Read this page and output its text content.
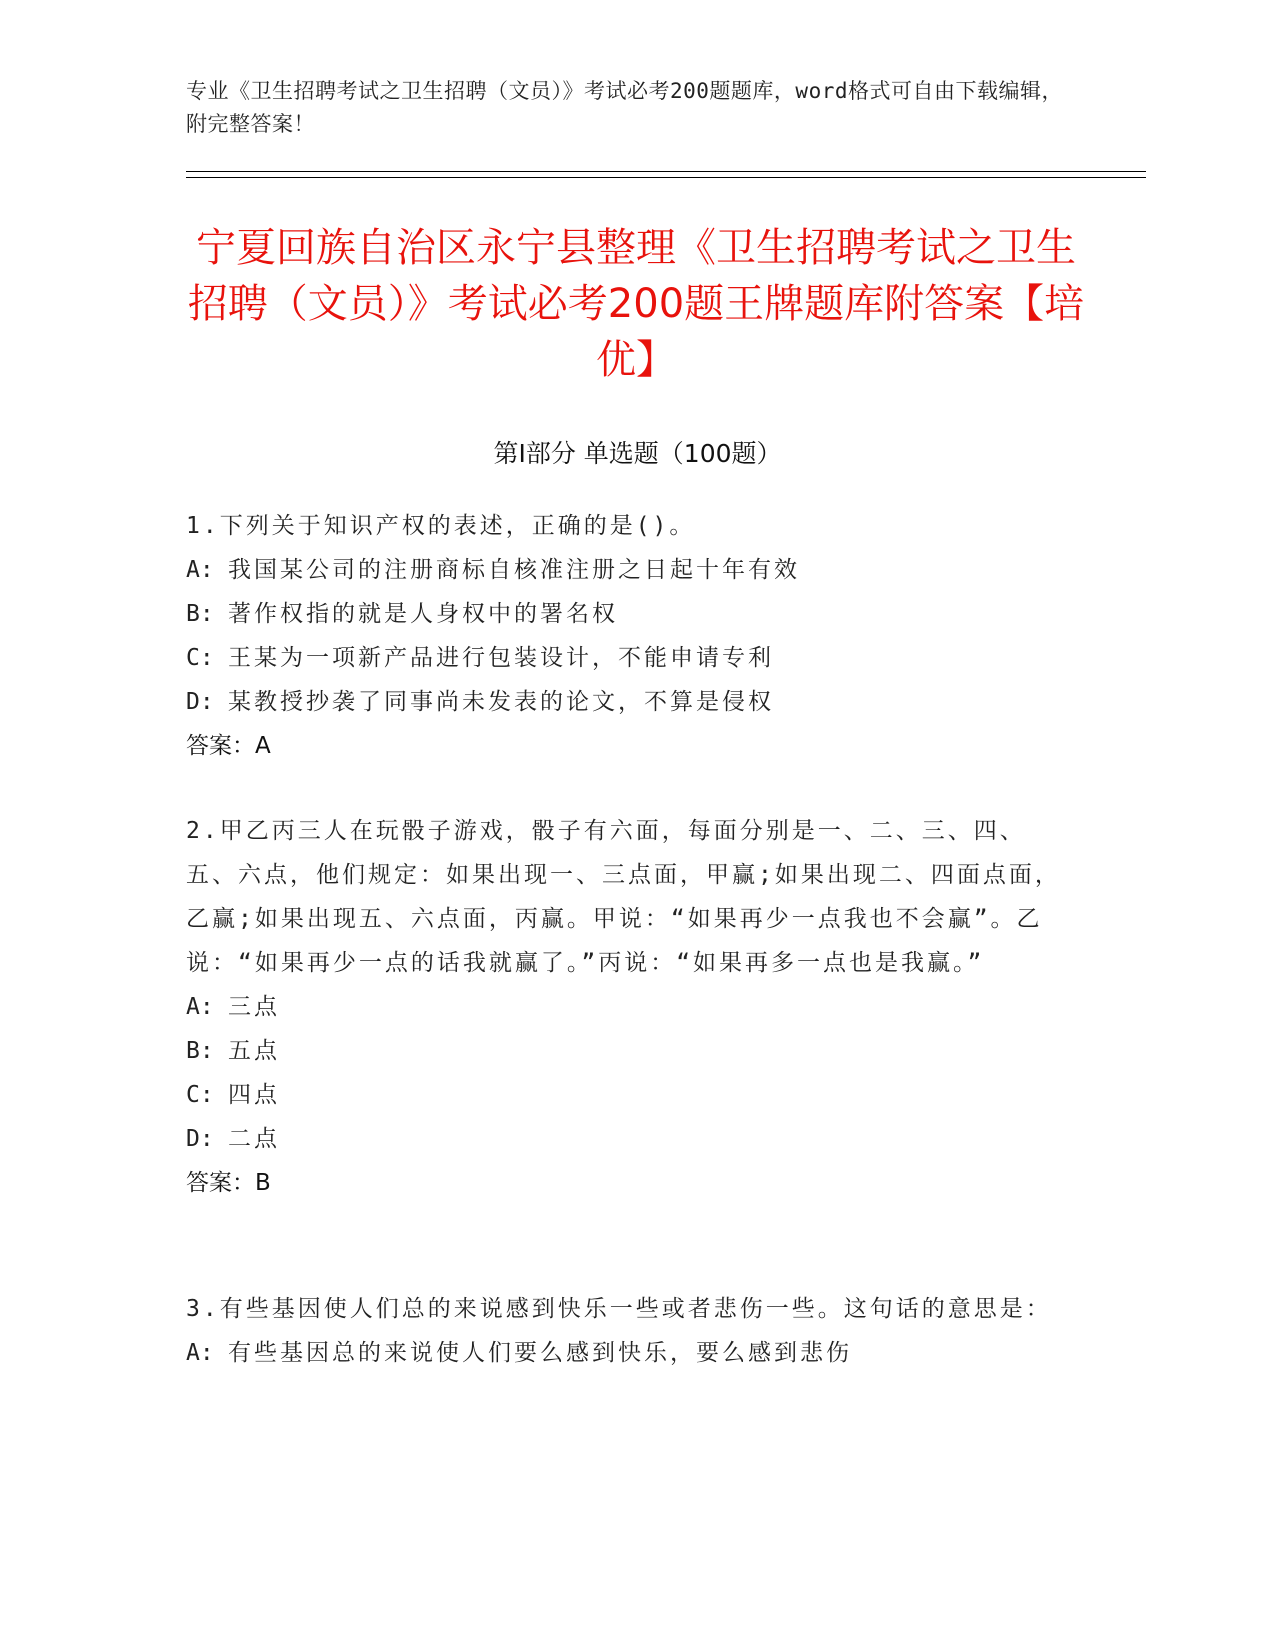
专业《卫生招聘考试之卫生招聘（文员）》考试必考200题题库，word格式可自由下载编辑，附完整答案！
宁夏回族自治区永宁县整理《卫生招聘考试之卫生招聘（文员）》考试必考200题王牌题库附答案【培优】
第Ⅰ部分 单选题（100题）
1.下列关于知识产权的表述，正确的是()。
A: 我国某公司的注册商标自核准注册之日起十年有效
B: 著作权指的就是人身权中的署名权
C: 王某为一项新产品进行包装设计，不能申请专利
D: 某教授抄袭了同事尚未发表的论文，不算是侵权
答案：A
2.甲乙丙三人在玩骰子游戏，骰子有六面，每面分别是一、二、三、四、五、六点，他们规定：如果出现一、三点面，甲赢;如果出现二、四面点面，乙赢;如果出现五、六点面，丙赢。甲说：“如果再少一点我也不会赢”。乙说：“如果再少一点的话我就赢了。”丙说：“如果再多一点也是我赢。”
A: 三点
B: 五点
C: 四点
D: 二点
答案：B
3.有些基因使人们总的来说感到快乐一些或者悲伤一些。这句话的意思是：
A: 有些基因总的来说使人们要么感到快乐，要么感到悲伤
